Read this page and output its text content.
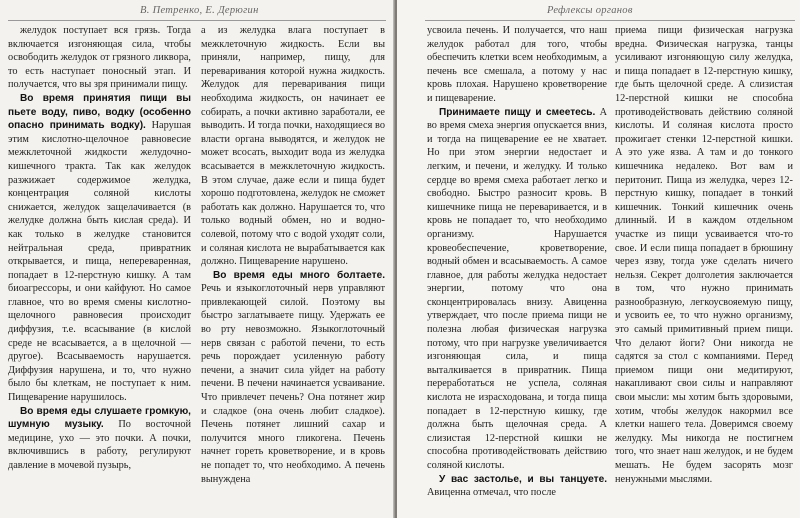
В. Петренко, Е. Дерюгин

желудок поступает вся грязь. Тогда включается изгоняющая сила, чтобы освободить желудок от грязного ликвора, то есть наступает поносный этап. И получается, что вы зря принимали пищу.

Во время принятия пищи вы пьете воду, пиво, водку (особенно опасно принимать водку). Нарушая этим кислотно-щелочное равновесие межклеточной жидкости желудочно-кишечного тракта. Так как желудок разжижает содержимое желудка, концентрация соляной кислоты снижается, желудок защелачивается (в желудке должна быть кислая среда). И как только в желудке становится нейтральная среда, привратник открывается, и пища, непереваренная, попадает в 12-перстную кишку. А там биоагрессоры, и они кайфуют. Но самое главное, что во время смены кислотно-щелочного равновесия происходит диффузия, т.е. всасывание (в кислой среде не всасывается, а в щелочной — другое). Всасываемость нарушается. Диффузия нарушена, и то, что нужно было бы клеткам, не поступает к ним. Пищеварение нарушилось.

Во время еды слушаете громкую, шумную музыку. По восточной медицине, ухо — это почки. А почки, включившись в работу, регулируют давление в мочевой пузырь,

а из желудка влага поступает в межклеточную жидкость. Если вы приняли, например, пищу, для переваривания которой нужна жидкость. Желудок для переваривания пищи необходима жидкость, он начинает ее собирать, а почки активно заработали, ее выводить. И тогда почки, находящиеся во власти органа выводятся, и желудок не может всосать, выходит вода из желудка всасывается в межклеточную жидкость. В этом случае, даже если и пища будет хорошо подготовлена, желудок не сможет работать как должно. Нарушается то, что только водный обмен, но и водно-солевой, потому что с водой уходят соли, и соляная кислота не вырабатывается как должно. Пищеварение нарушено.

Во время еды много болтаете. Речь и языкоглоточный нерв управляют привлекающей силой. Поэтому вы быстро заглатываете пищу. Удержать ее во рту невозможно. Языкоглоточный нерв связан с работой печени, то есть речь порождает усиленную работу печени, а значит сила уйдет на работу печени. В печени начинается усваивание. Что привлечет печень? Она потянет жир и сладкое (она очень любит сладкое). Печень потянет лишний сахар и получится много гликогена. Печень начнет гореть кроветворение, и в кровь не попадет то, что необходимо. А печень вынуждена

Рефлексы органов

усвоила печень. И получается, что наш желудок работал для того, чтобы обеспечить клетки всем необходимым, а печень все смешала, а потому у нас кровь плохая. Нарушено кроветворение и пищеварение.

Принимаете пищу и смеетесь. А во время смеха энергия опускается вниз, и тогда на пищеварение ее не хватает. Но при этом энергии недостает и легким, и печени, и желудку. И только сердце во время смеха работает легко и свободно. Быстро разносит кровь. В кишечнике пища не переваривается, и в кровь не попадает то, что необходимо организму. Нарушается кровеобеспечение, кроветворение, водный обмен и всасываемость. А самое главное, для работы желудка недостает энергии, потому что она сконцентрировалась внизу. Авиценна утверждает, что после приема пищи не полезна любая физическая нагрузка потому, что при нагрузке увеличивается изгоняющая сила, и пища выталкивается в привратник. Пища переработаться не успела, соляная кислота не израсходована, и тогда пища попадает в 12-перстную кишку, где должна быть щелочная среда. А слизистая 12-перстной кишки не способна противодействовать действию соляной кислоты.

У вас застолье, и вы танцуете. Авиценна отмечал, что после

приема пищи физическая нагрузка вредна. Физическая нагрузка, танцы усиливают изгоняющую силу желудка, и пища попадает в 12-перстную кишку, где быть щелочной среде. А слизистая 12-перстной кишки не способна противодействовать действию соляной кислоты. И соляная кислота просто прожигает стенки 12-перстной кишки. А это уже язва. А там и до тонкого кишечника недалеко. Вот вам и перитонит. Пища из желудка, через 12-перстную кишку, попадает в тонкий кишечник. Тонкий кишечник очень длинный. И в каждом отдельном участке из пищи усваивается что-то свое. И если пища попадает в брюшину через язву, тогда уже сделать ничего нельзя. Секрет долголетия заключается в том, что нужно принимать разнообразную, легкоусвояемую пищу, и усвоить ее, то что нужно организму, это самый примитивный прием пищи. Что делают йоги? Они никогда не садятся за стол с компаниями. Перед приемом пищи они медитируют, накапливают свои силы и направляют свои мысли: мы хотим быть здоровыми, хотим, чтобы желудок накормил все клетки нашего тела. Доверимся своему желудку. Мы никогда не постигнем того, что знает наш желудок, и не будем мешать. Не будем засорять мозг ненужными мыслями.
